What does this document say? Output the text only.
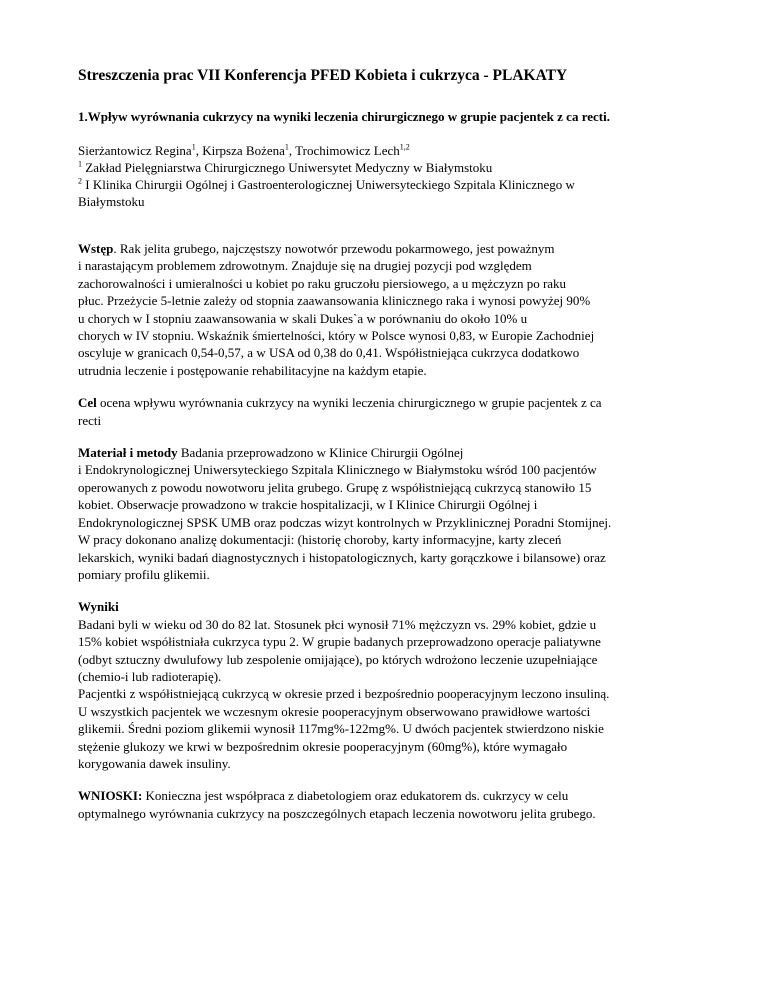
Streszczenia prac VII Konferencja PFED Kobieta i cukrzyca - PLAKATY
1.Wpływ wyrównania cukrzycy na wyniki leczenia chirurgicznego w grupie pacjentek z ca recti.
Sierżantowicz Regina$^1$, Kirpsza Bożena$^1$, Trochimowicz Lech$^{1,2}$
$^1$ Zakład Pielęgniarstwa Chirurgicznego Uniwersytet Medyczny w Białymstoku
$^2$ I Klinika Chirurgii Ogólnej i Gastroenterologicznej Uniwersyteckiego Szpitala Klinicznego w
Białymstoku
Wstęp. Rak jelita grubego, najczęstszy nowotwór przewodu pokarmowego, jest poważnym
i narastającym problemem zdrowotnym. Znajduje się na drugiej pozycji pod względem
zachorowalności i umieralności u kobiet po raku gruczołu piersiowego, a u mężczyzn po raku
płuc. Przeżycie 5-letnie zależy od stopnia zaawansowania klinicznego raka i wynosi powyżej 90%
u chorych w I stopniu zaawansowania w skali Dukes`a w porównaniu do około 10% u
chorych w IV stopniu. Wskaźnik śmiertelności, który w Polsce wynosi 0,83, w Europie Zachodniej
oscyluje w granicach 0,54-0,57, a w USA od 0,38 do 0,41. Współistniejąca cukrzyca dodatkowo
utrudnia leczenie i postępowanie rehabilitacyjne na każdym etapie.
Cel ocena wpływu wyrównania cukrzycy na wyniki leczenia chirurgicznego w grupie pacjentek z ca
recti
Materiał i metody Badania przeprowadzono w Klinice Chirurgii Ogólnej
i Endokrynologicznej Uniwersyteckiego Szpitala Klinicznego w Białymstoku wśród 100 pacjentów
operowanych z powodu nowotworu jelita grubego. Grupę z współistniejącą cukrzycą stanowiło 15
kobiet. Obserwacje prowadzono w trakcie hospitalizacji, w I Klinice Chirurgii Ogólnej i
Endokrynologicznej SPSK UMB oraz podczas wizyt kontrolnych w Przyklinicznej Poradni Stomijnej.
W pracy dokonano analizę dokumentacji: (historię choroby, karty informacyjne, karty zleceń
lekarskich, wyniki badań diagnostycznych i histopatologicznych, karty gorączkowe i bilansowe) oraz
pomiary profilu glikemii.
Wyniki
Badani byli w wieku od 30 do 82 lat. Stosunek płci wynosił 71% mężczyzn vs. 29% kobiet, gdzie u
15% kobiet współistniała cukrzyca typu 2. W grupie badanych przeprowadzono operacje paliatywne
(odbyt sztuczny dwulufowy lub zespolenie omijające), po których wdrożono leczenie uzupełniające
(chemio-i lub radioterapię).
Pacjentki z współistniejącą cukrzycą w okresie przed i bezpośrednio pooperacyjnym leczono insuliną.
U wszystkich pacjentek we wczesnym okresie pooperacyjnym obserwowano prawidłowe wartości
glikemii. Średni poziom glikemii wynosił 117mg%-122mg%. U dwóch pacjentek stwierdzono niskie
stężenie glukozy we krwi w bezpośrednim okresie pooperacyjnym (60mg%), które wymagało
korygowania dawek insuliny.
WNIOSKI: Konieczna jest współpraca z diabetologiem oraz edukatorem ds. cukrzycy w celu
optymalnego wyrównania cukrzycy na poszczególnych etapach leczenia nowotworu jelita grubego.
